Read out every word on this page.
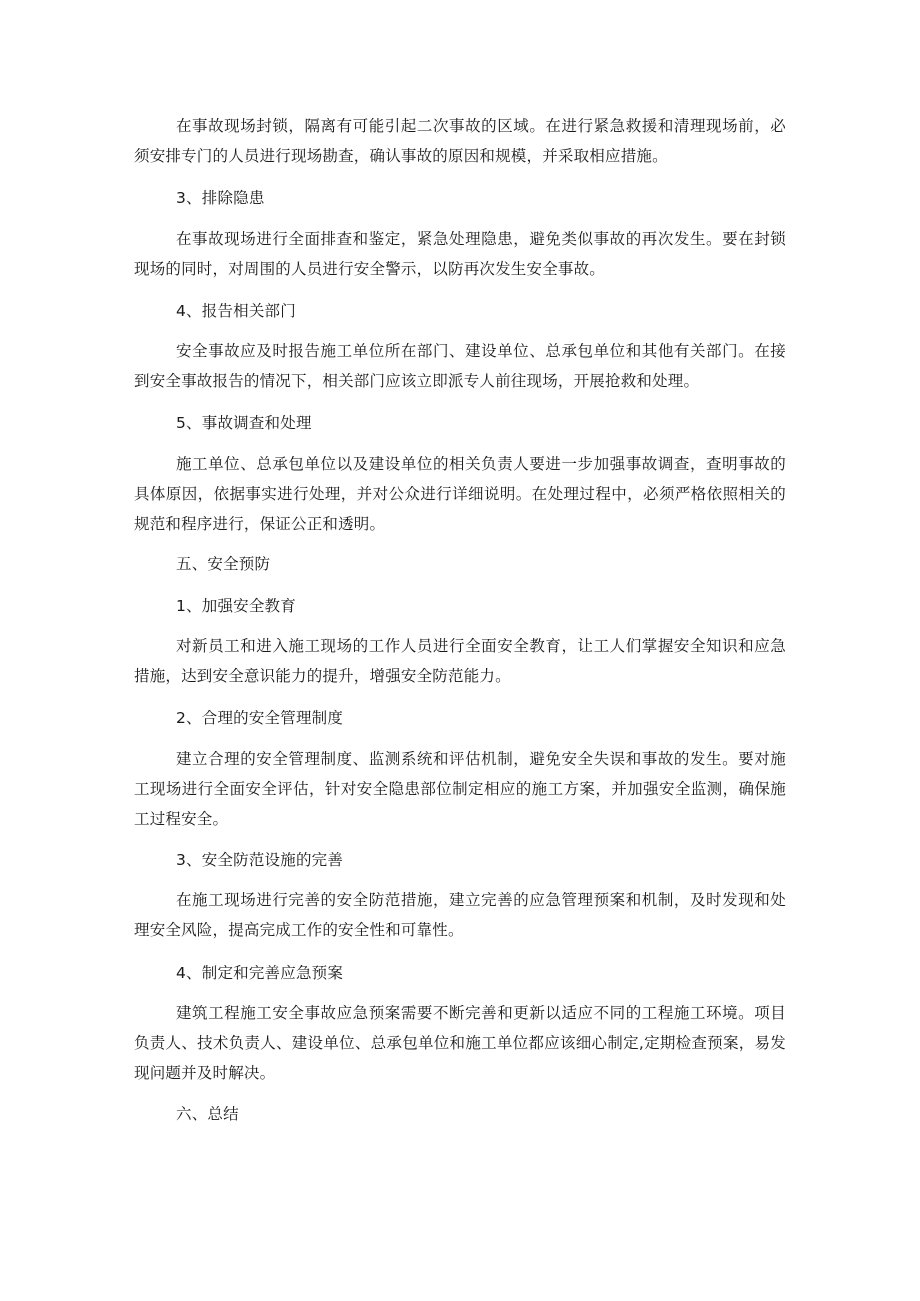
在事故现场封锁，隔离有可能引起二次事故的区域。在进行紧急救援和清理现场前，必须安排专门的人员进行现场勘查，确认事故的原因和规模，并采取相应措施。

3、排除隐患

在事故现场进行全面排查和鉴定，紧急处理隐患，避免类似事故的再次发生。要在封锁现场的同时，对周围的人员进行安全警示，以防再次发生安全事故。

4、报告相关部门

安全事故应及时报告施工单位所在部门、建设单位、总承包单位和其他有关部门。在接到安全事故报告的情况下，相关部门应该立即派专人前往现场，开展抢救和处理。

5、事故调查和处理

施工单位、总承包单位以及建设单位的相关负责人要进一步加强事故调查，查明事故的具体原因，依据事实进行处理，并对公众进行详细说明。在处理过程中，必须严格依照相关的规范和程序进行，保证公正和透明。

五、安全预防

1、加强安全教育

对新员工和进入施工现场的工作人员进行全面安全教育，让工人们掌握安全知识和应急措施，达到安全意识能力的提升，增强安全防范能力。

2、合理的安全管理制度

建立合理的安全管理制度、监测系统和评估机制，避免安全失误和事故的发生。要对施工现场进行全面安全评估，针对安全隐患部位制定相应的施工方案，并加强安全监测，确保施工过程安全。

3、安全防范设施的完善

在施工现场进行完善的安全防范措施，建立完善的应急管理预案和机制，及时发现和处理安全风险，提高完成工作的安全性和可靠性。

4、制定和完善应急预案

建筑工程施工安全事故应急预案需要不断完善和更新以适应不同的工程施工环境。项目负责人、技术负责人、建设单位、总承包单位和施工单位都应该细心制定,定期检查预案，易发现问题并及时解决。

六、总结
